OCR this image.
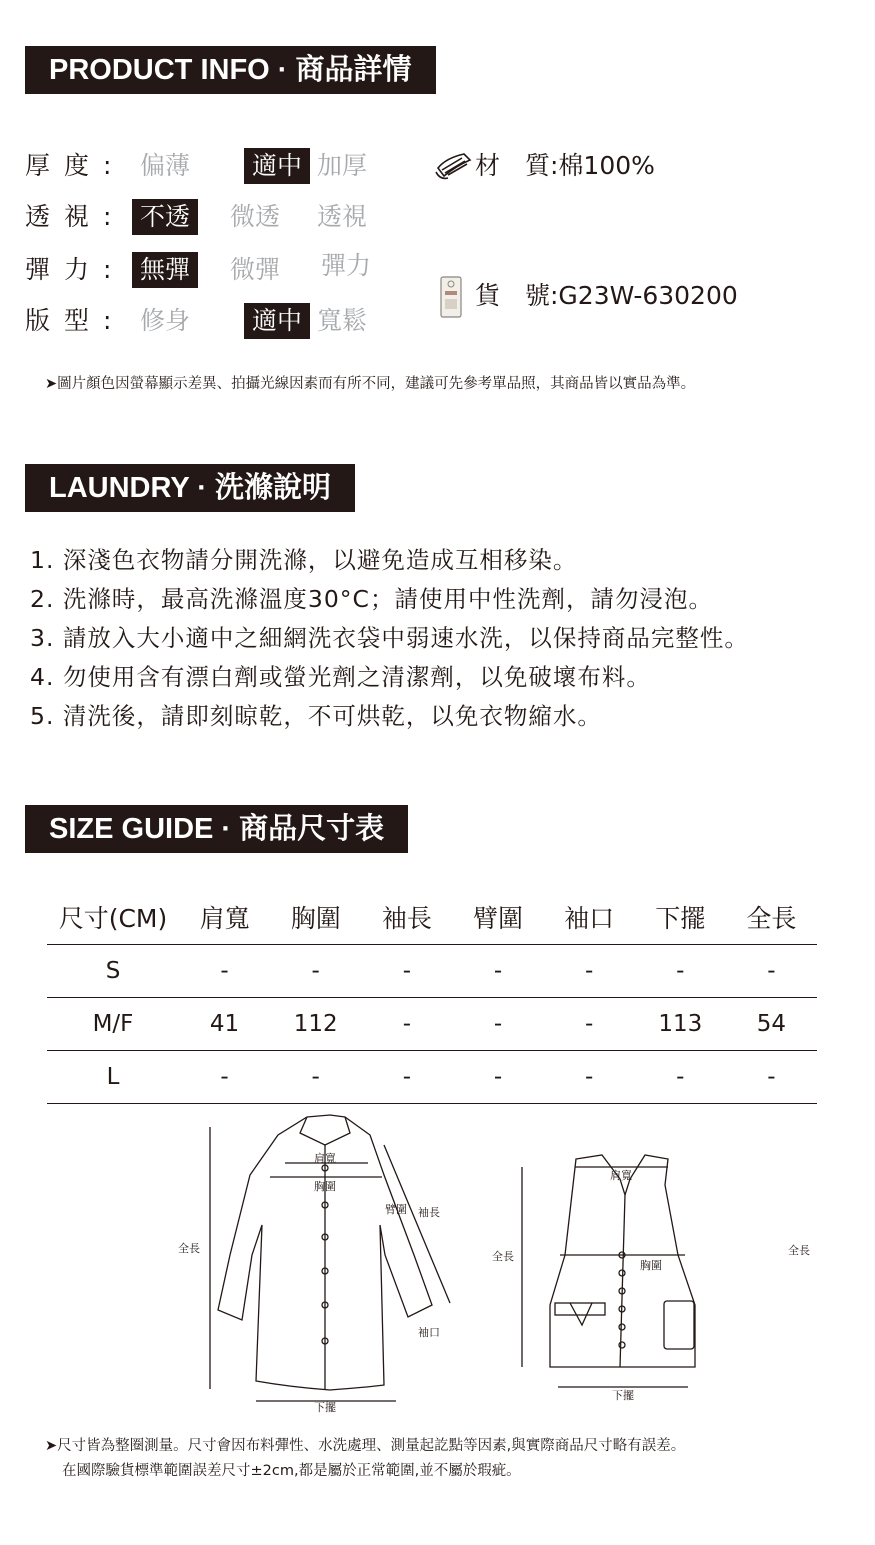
PRODUCT INFO · 商品詳情
厚度: 偏薄	適中 加厚
透視: 不透	微透 透視
彈力: 無彈	微彈 彈力
版型: 修身	適中 寬鬆
材　質:棉100%
貨　號:G23W-630200
➤圖片顏色因螢幕顯示差異、拍攝光線因素而有所不同，建議可先參考單品照，其商品皆以實品為準。
LAUNDRY · 洗滌說明
1. 深淺色衣物請分開洗滌，以避免造成互相移染。
2. 洗滌時，最高洗滌溫度30°C；請使用中性洗劑，請勿浸泡。
3. 請放入大小適中之細網洗衣袋中弱速水洗，以保持商品完整性。
4. 勿使用含有漂白劑或螢光劑之清潔劑，以免破壞布料。
5. 清洗後，請即刻晾乾，不可烘乾，以免衣物縮水。
SIZE GUIDE · 商品尺寸表
尺寸(CM)	肩寬	胸圍	袖長	臂圍	袖口	下擺	全長
S	-	-	-	-	-	-	-
M/F	41	112	-	-	-	113	54
L	-	-	-	-	-	-	-
肩寬
胸圍
臂圍 袖長
全長
袖口
下擺
肩寬
胸圍
全長	全長
下擺
➤尺寸皆為整圈測量。尺寸會因布料彈性、水洗處理、測量起訖點等因素,與實際商品尺寸略有誤差。
在國際驗貨標準範圍誤差尺寸±2cm,都是屬於正常範圍,並不屬於瑕疵。
